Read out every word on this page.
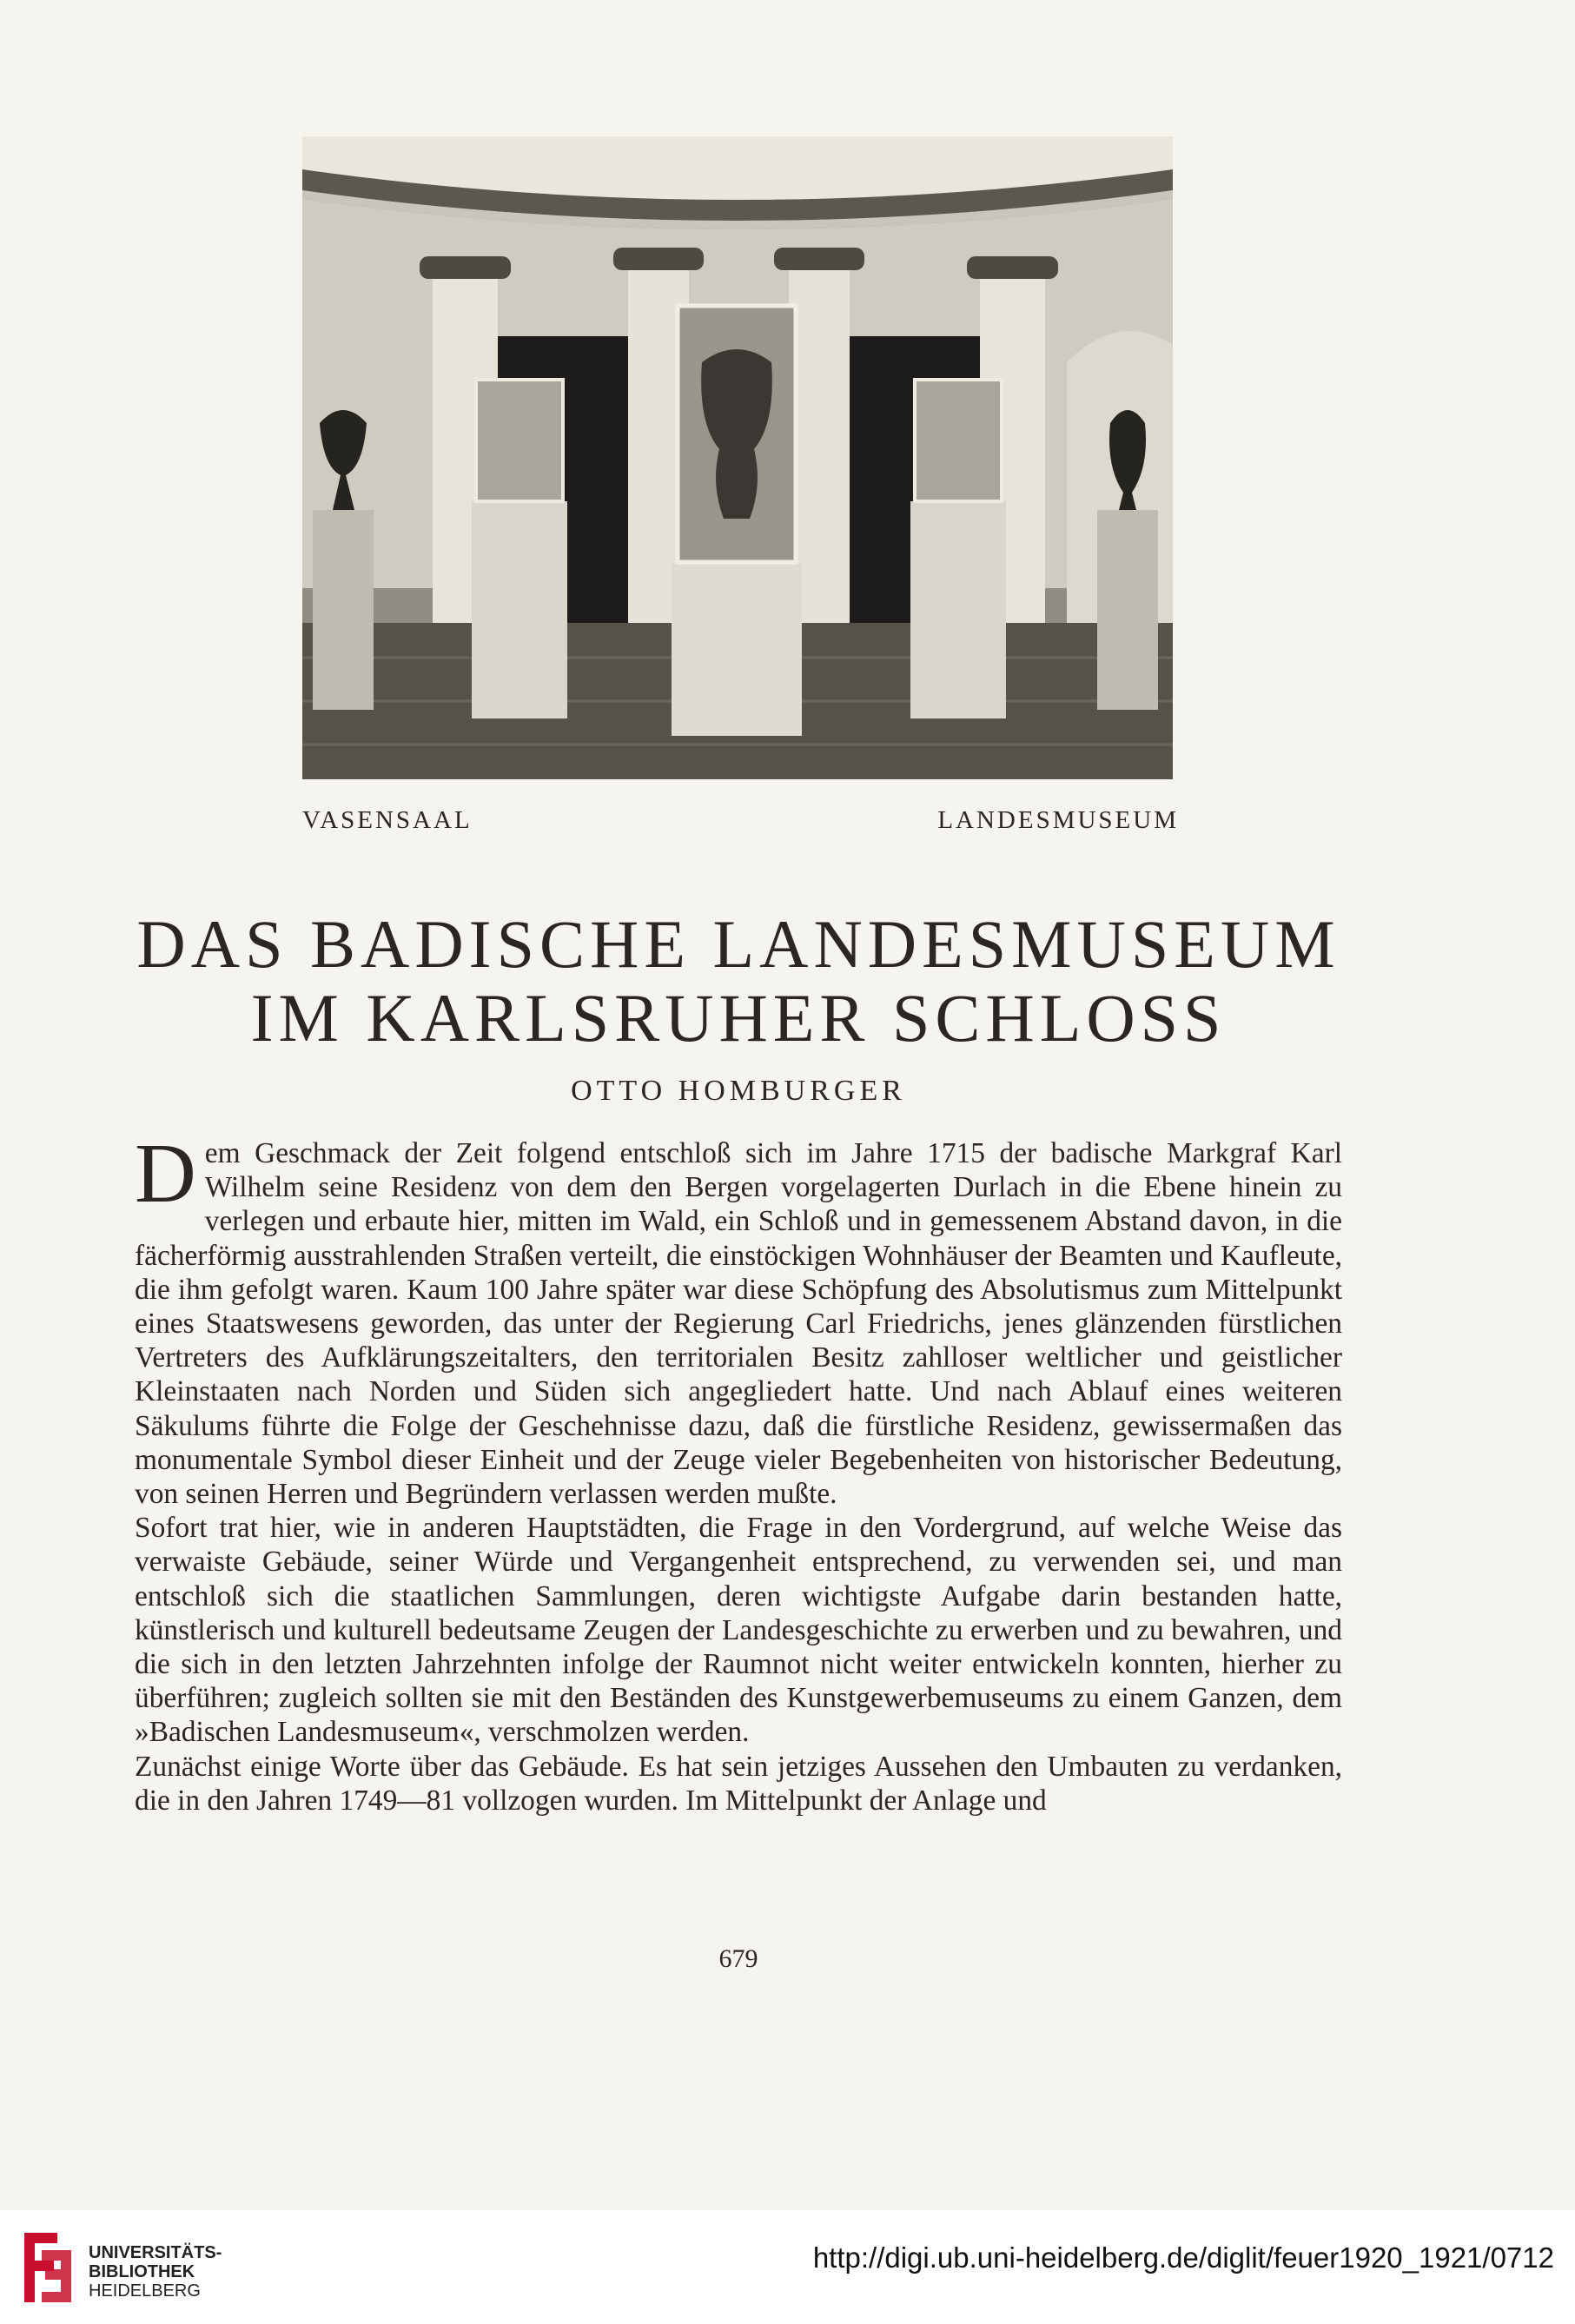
VASENSAAL	LANDESMUSEUM
DAS BADISCHE LANDESMUSEUM
IM KARLSRUHER SCHLOSS
OTTO HOMBURGER

Dem Geschmack der Zeit folgend entschloß sich im Jahre 1715 der badische Markgraf Karl Wilhelm seine Residenz von dem den Bergen vorgelagerten Durlach in die Ebene hinein zu verlegen und erbaute hier, mitten im Wald, ein Schloß und in gemessenem Abstand davon, in die fächerförmig ausstrahlenden Straßen verteilt, die einstöckigen Wohnhäuser der Beamten und Kaufleute, die ihm gefolgt waren. Kaum 100 Jahre später war diese Schöpfung des Absolutismus zum Mittelpunkt eines Staatswesens geworden, das unter der Regierung Carl Friedrichs, jenes glänzenden fürstlichen Vertreters des Aufklärungszeitalters, den territorialen Besitz zahlloser weltlicher und geistlicher Kleinstaaten nach Norden und Süden sich angegliedert hatte. Und nach Ablauf eines weiteren Säkulums führte die Folge der Geschehnisse dazu, daß die fürstliche Residenz, gewissermaßen das monumentale Symbol dieser Einheit und der Zeuge vieler Begebenheiten von historischer Bedeutung, von seinen Herren und Begründern verlassen werden mußte.

Sofort trat hier, wie in anderen Hauptstädten, die Frage in den Vordergrund, auf welche Weise das verwaiste Gebäude, seiner Würde und Vergangenheit entsprechend, zu verwenden sei, und man entschloß sich die staatlichen Sammlungen, deren wichtigste Aufgabe darin bestanden hatte, künstlerisch und kulturell bedeutsame Zeugen der Landesgeschichte zu erwerben und zu bewahren, und die sich in den letzten Jahrzehnten infolge der Raumnot nicht weiter entwickeln konnten, hierher zu überführen; zugleich sollten sie mit den Beständen des Kunstgewerbemuseums zu einem Ganzen, dem »Badischen Landesmuseum«, verschmolzen werden.

Zunächst einige Worte über das Gebäude. Es hat sein jetziges Aussehen den Umbauten zu verdanken, die in den Jahren 1749—81 vollzogen wurden. Im Mittelpunkt der Anlage und

679
UNIVERSITÄTS-
BIBLIOTHEK
HEIDELBERG
http://digi.ub.uni-heidelberg.de/diglit/feuer1920_1921/0712
